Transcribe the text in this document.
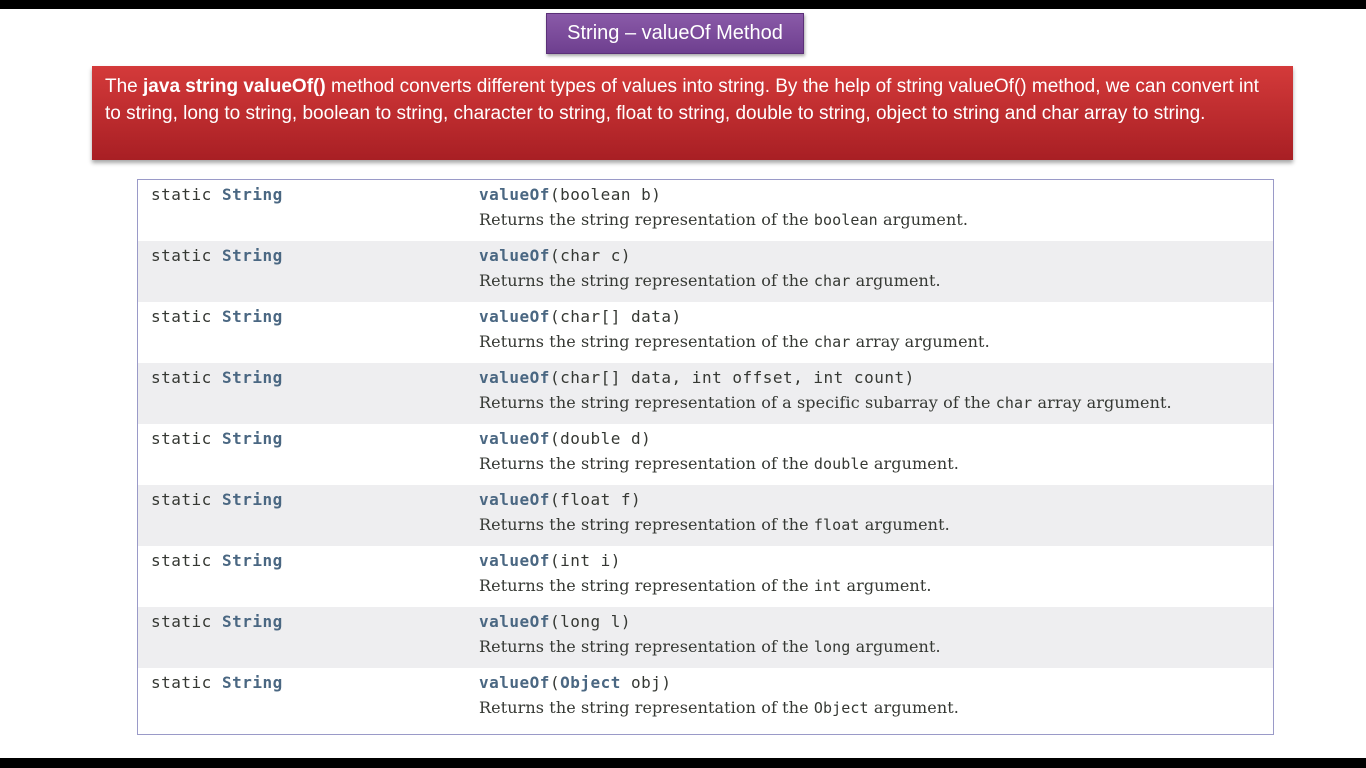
String – valueOf Method
The java string valueOf() method converts different types of values into string. By the help of string valueOf() method, we can convert int to string, long to string, boolean to string, character to string, float to string, double to string, object to string and char array to string.
static String	valueOf(boolean b)
Returns the string representation of the boolean argument.
static String	valueOf(char c)
Returns the string representation of the char argument.
static String	valueOf(char[] data)
Returns the string representation of the char array argument.
static String	valueOf(char[] data, int offset, int count)
Returns the string representation of a specific subarray of the char array argument.
static String	valueOf(double d)
Returns the string representation of the double argument.
static String	valueOf(float f)
Returns the string representation of the float argument.
static String	valueOf(int i)
Returns the string representation of the int argument.
static String	valueOf(long l)
Returns the string representation of the long argument.
static String	valueOf(Object obj)
Returns the string representation of the Object argument.
